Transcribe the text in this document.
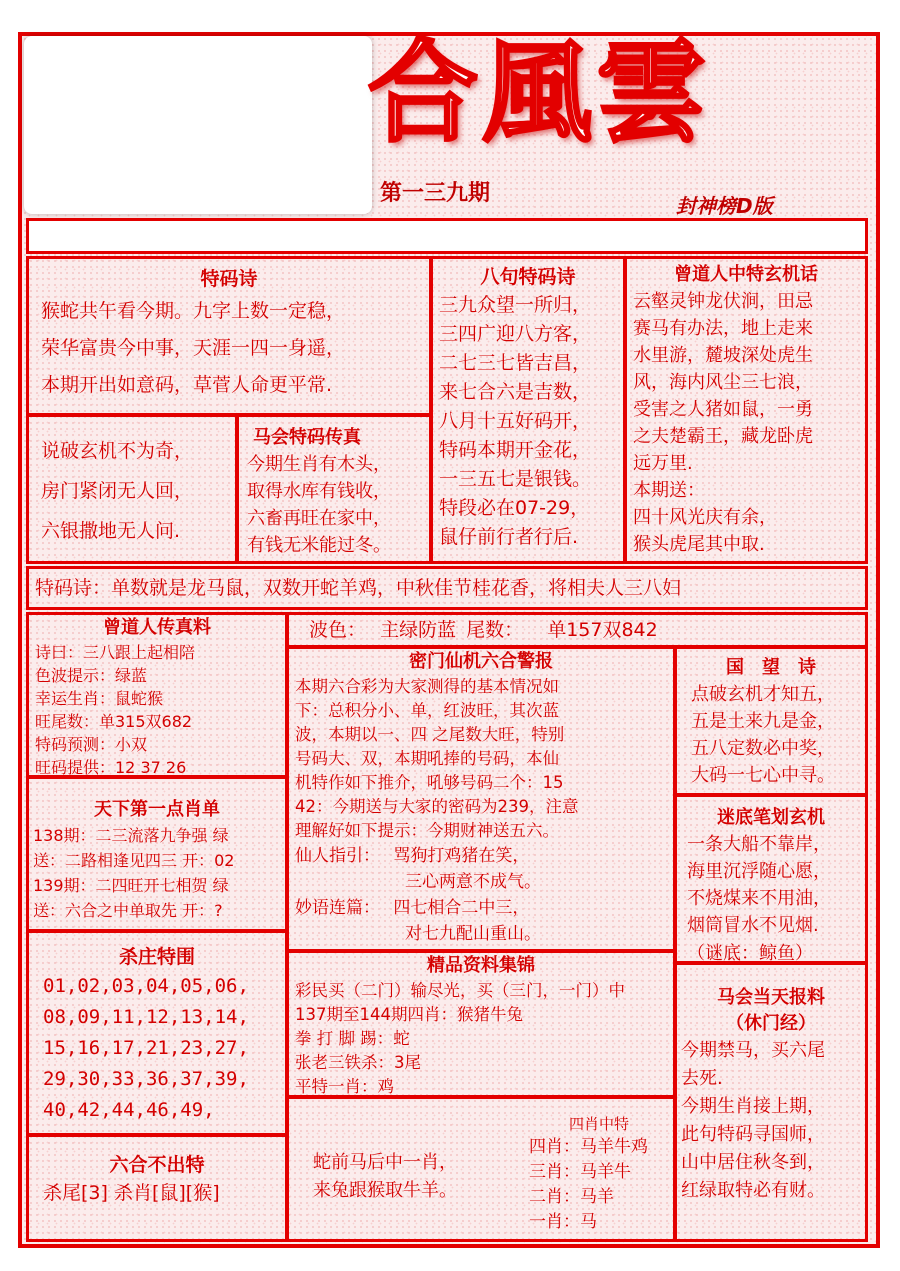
合風雲
第一三九期	封神榜D版
特码诗

猴蛇共午看今期。九字上数一定稳，

荣华富贵今中事，天涯一四一身遥，

本期开出如意码，草菅人命更平常.

八句特码诗

三九众望一所归，

三四广迎八方客，

二七三七皆吉昌，

来七合六是吉数，

八月十五好码开，

特码本期开金花，

一三五七是银钱。

特段必在07-29，

鼠仔前行者行后.

曾道人中特玄机话

云壑灵钟龙伏涧，田忌

赛马有办法，地上走来

水里游，麓坡深处虎生

风，海内风尘三七浪，

受害之人猪如鼠，一勇

之夫楚霸王，藏龙卧虎

远万里.

本期送：

四十风光庆有余，

猴头虎尾其中取.

说破玄机不为奇，

房门紧闭无人回，

六银撒地无人问.

马会特码传真

今期生肖有木头，

取得水库有钱收，

六畜再旺在家中，

有钱无米能过冬。

特码诗：单数就是龙马鼠，双数开蛇羊鸡，中秋佳节桂花香，将相夫人三八妇

曾道人传真料

诗曰：三八跟上起相陪

色波提示：绿蓝

幸运生肖：鼠蛇猴

旺尾数：单315双682

特码预测：小双

旺码提供：12 37 26

波色： 主绿防蓝 尾数： 单157双842

密门仙机六合警报

本期六合彩为大家测得的基本情况如

下：总积分小、单，红波旺，其次蓝

波，本期以一、四 之尾数大旺，特别

号码大、双，本期吼捧的号码，本仙

机特作如下推介，吼够号码二个：15

42：今期送与大家的密码为239，注意

理解好如下提示：今期财神送五六。

仙人指引： 骂狗打鸡猪在笑，

三心两意不成气。

妙语连篇： 四七相合二中三，

对七九配山重山。

国　望　诗

点破玄机才知五，

五是土来九是金，

五八定数必中奖，

大码一七心中寻。

天下第一点肖单

138期：二三流落九争强 绿

送：二路相逢见四三 开：02

139期：二四旺开七相贺 绿

送：六合之中单取先 开：?

迷底笔划玄机

一条大船不靠岸，

海里沉浮随心愿，

不烧煤来不用油，

烟筒冒水不见烟.

（谜底：鲸鱼）

杀庄特围

01,02,03,04,05,06,

08,09,11,12,13,14,

15,16,17,21,23,27,

29,30,33,36,37,39,

40,42,44,46,49,

精品资料集锦

彩民买（二门）输尽光，买（三门，一门）中

137期至144期四肖：猴猪牛兔

拳 打 脚 踢：蛇

张老三铁杀：3尾

平特一肖：鸡

马会当天报料
（休门经）

今期禁马，买六尾

去死.

今期生肖接上期，

此句特码寻国师，

山中居住秋冬到，

红绿取特必有财。

六合不出特

杀尾[3] 杀肖[鼠][猴]

蛇前马后中一肖，

来兔跟猴取牛羊。

四肖中特

四肖：马羊牛鸡

三肖：马羊牛

二肖：马羊

一肖：马
